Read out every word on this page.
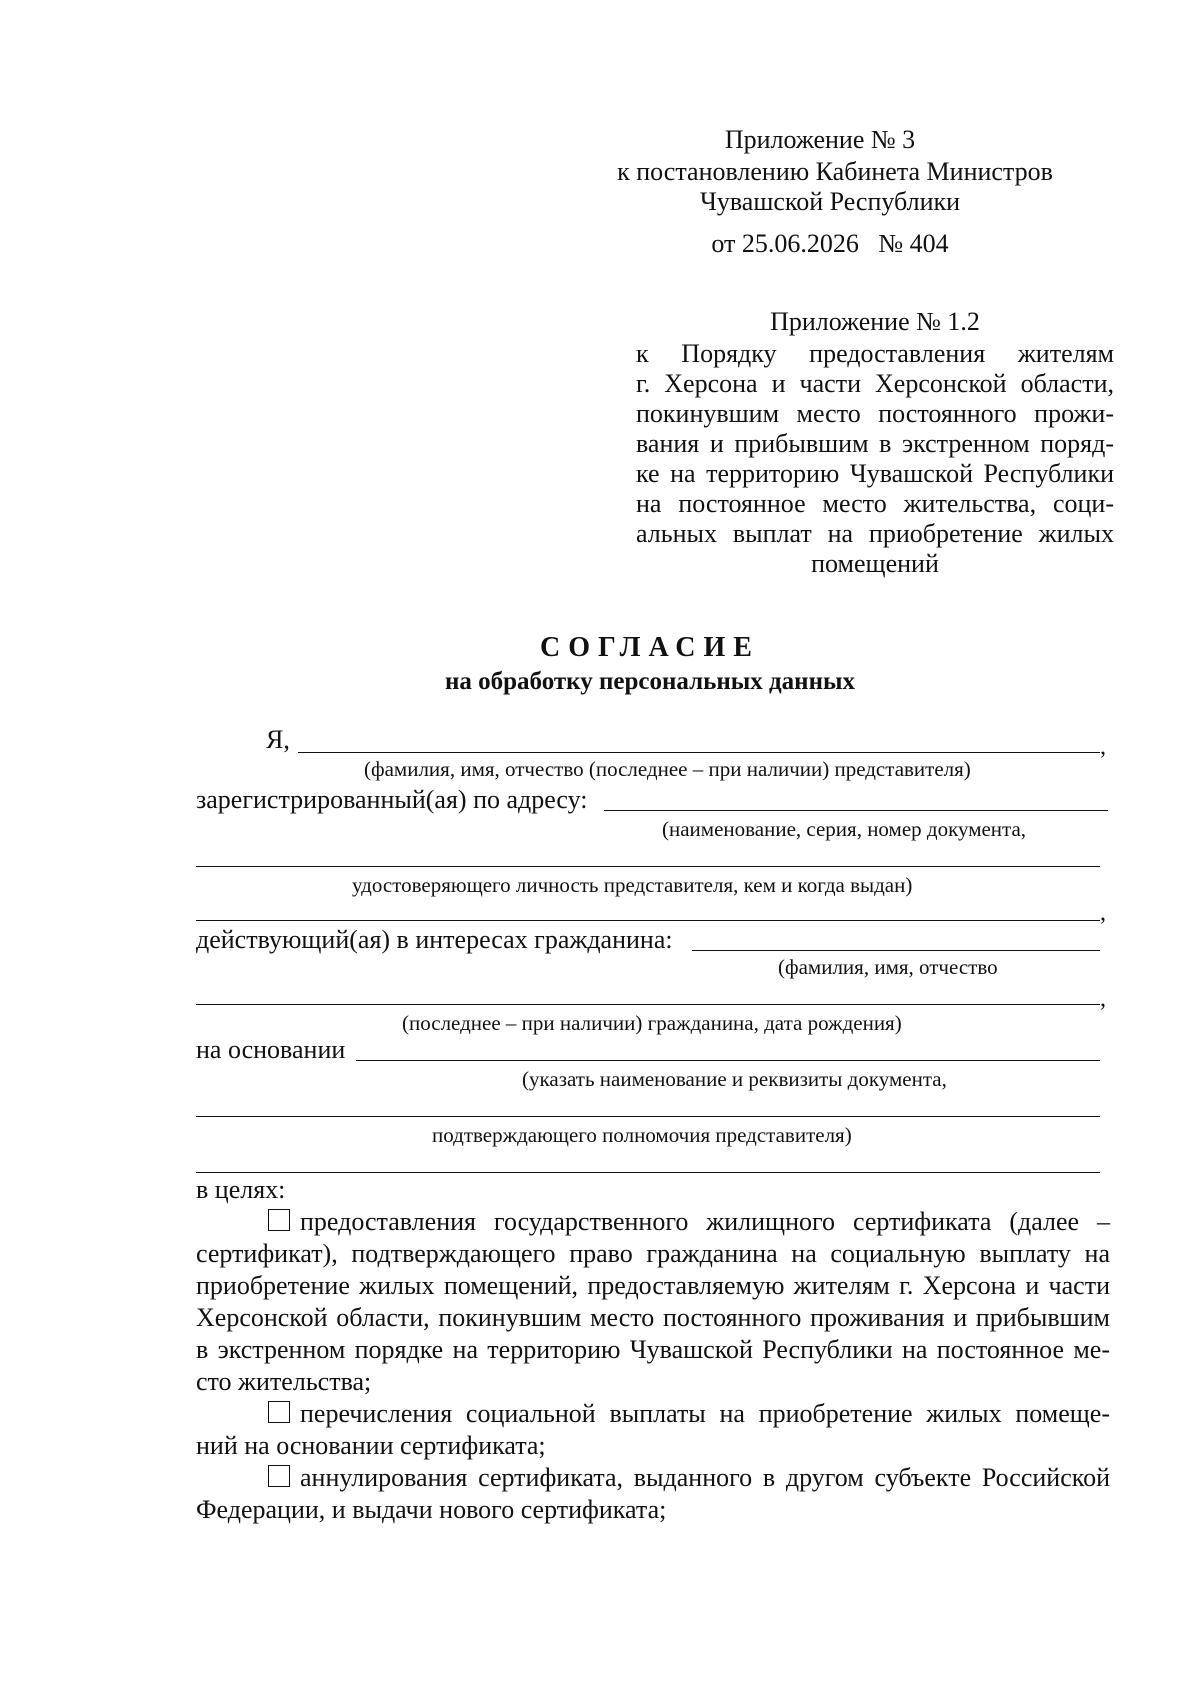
Приложение № 3
к постановлению Кабинета Министров
Чувашской Республики
от 25.06.2026   № 404
Приложение № 1.2
к Порядку предоставления жителям
г. Херсона и части Херсонской области,
покинувшим место постоянного прожи-
вания и прибывшим в экстренном поряд-
ке на территорию Чувашской Республики
на постоянное место жительства, соци-
альных выплат на приобретение жилых
помещений
СОГЛАСИЕ
на обработку персональных данных
Я,	,
(фамилия, имя, отчество (последнее – при наличии) представителя)
зарегистрированный(ая) по адресу:
(наименование, серия, номер документа,
удостоверяющего личность представителя, кем и когда выдан)
,
действующий(ая) в интересах гражданина:
(фамилия, имя, отчество
,
(последнее – при наличии) гражданина, дата рождения)
на основании
(указать наименование и реквизиты документа,
подтверждающего полномочия представителя)
в целях:
предоставления государственного жилищного сертификата (далее –
сертификат), подтверждающего право гражданина на социальную выплату на
приобретение жилых помещений, предоставляемую жителям г. Херсона и части
Херсонской области, покинувшим место постоянного проживания и прибывшим
в экстренном порядке на территорию Чувашской Республики на постоянное ме-
сто жительства;
перечисления социальной выплаты на приобретение жилых помеще-
ний на основании сертификата;
аннулирования сертификата, выданного в другом субъекте Российской
Федерации, и выдачи нового сертификата;
